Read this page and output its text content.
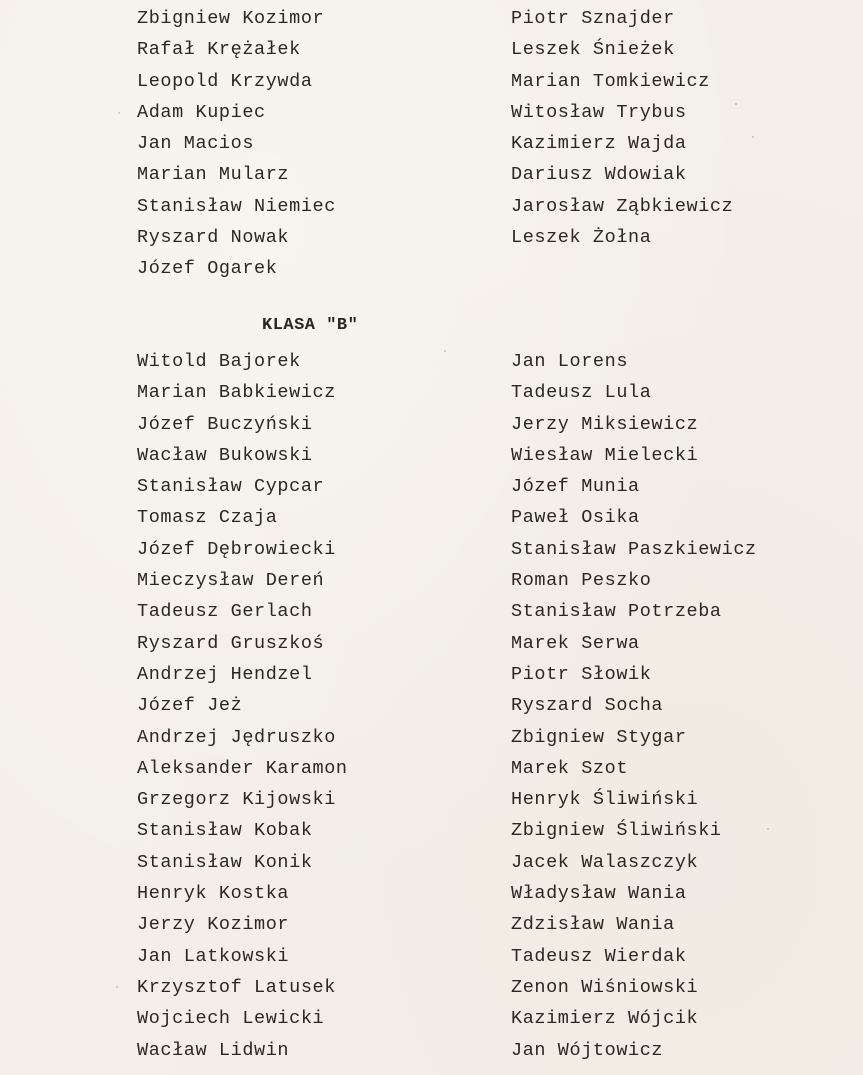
Zbigniew Kozimor
Rafał Krężałek
Leopold Krzywda
Adam Kupiec
Jan Macios
Marian Mularz
Stanisław Niemiec
Ryszard Nowak
Józef Ogarek
Piotr Sznajder
Leszek Śnieżek
Marian Tomkiewicz
Witosław Trybus
Kazimierz Wajda
Dariusz Wdowiak
Jarosław Ząbkiewicz
Leszek Żołna
KLASA "B"
Witold Bajorek
Marian Babkiewicz
Józef Buczyński
Wacław Bukowski
Stanisław Cypcar
Tomasz Czaja
Józef Dębrowiecki
Mieczysław Dereń
Tadeusz Gerlach
Ryszard Gruszkoś
Andrzej Hendzel
Józef Jeż
Andrzej Jędruszko
Aleksander Karamon
Grzegorz Kijowski
Stanisław Kobak
Stanisław Konik
Henryk Kostka
Jerzy Kozimor
Jan Latkowski
Krzysztof Latusek
Wojciech Lewicki
Wacław Lidwin
Jan Lorens
Tadeusz Lula
Jerzy Miksiewicz
Wiesław Mielecki
Józef Munia
Paweł Osika
Stanisław Paszkiewicz
Roman Peszko
Stanisław Potrzeba
Marek Serwa
Piotr Słowik
Ryszard Socha
Zbigniew Stygar
Marek Szot
Henryk Śliwiński
Zbigniew Śliwiński
Jacek Walaszczyk
Władysław Wania
Zdzisław Wania
Tadeusz Wierdak
Zenon Wiśniowski
Kazimierz Wójcik
Jan Wójtowicz
